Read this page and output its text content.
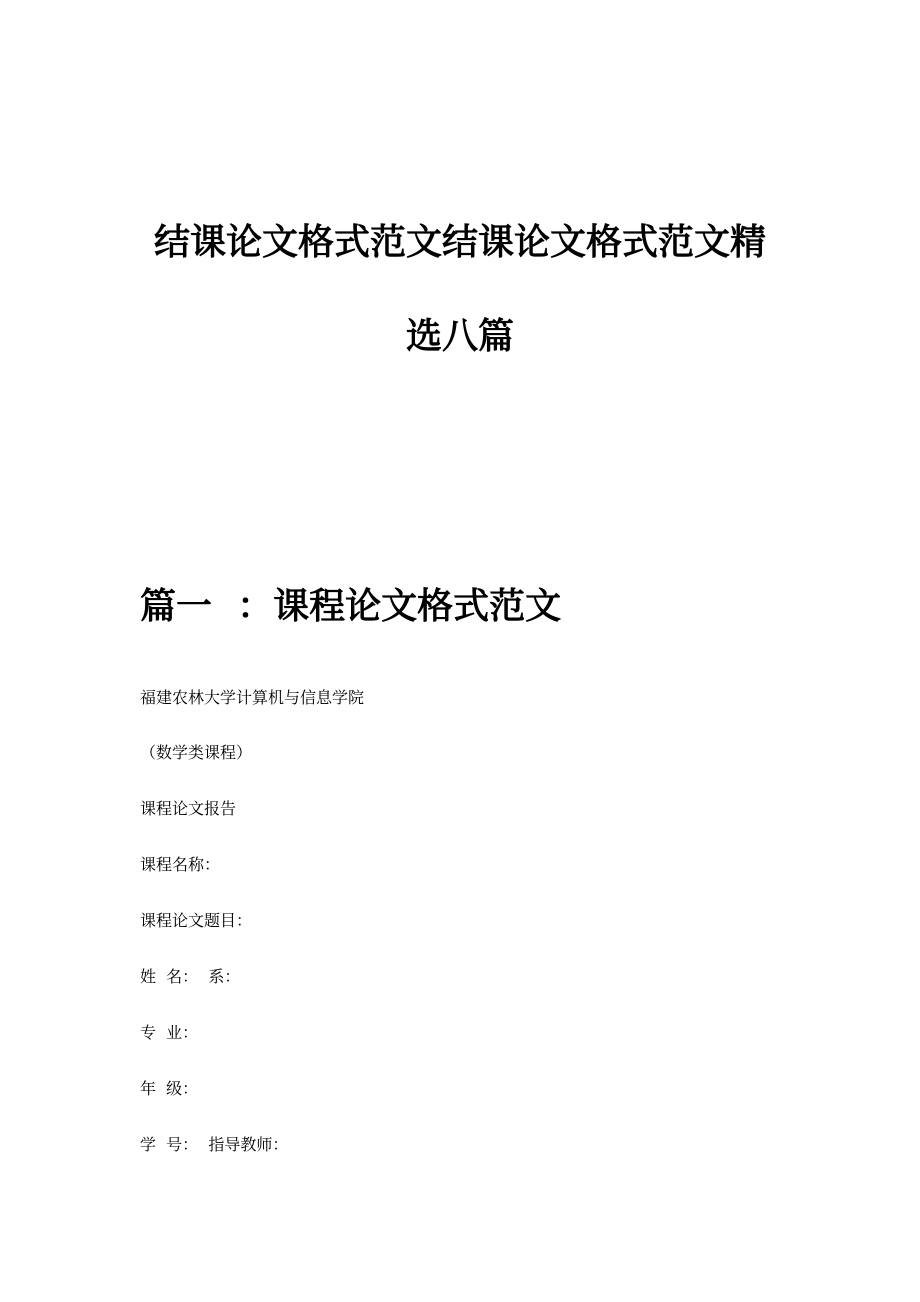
结课论文格式范文结课论文格式范文精
选八篇
篇一  ：课程论文格式范文

福建农林大学计算机与信息学院

（数学类课程）

课程论文报告

课程名称：

课程论文题目：

姓  名：  系：

专  业：

年  级：

学  号：  指导教师：
